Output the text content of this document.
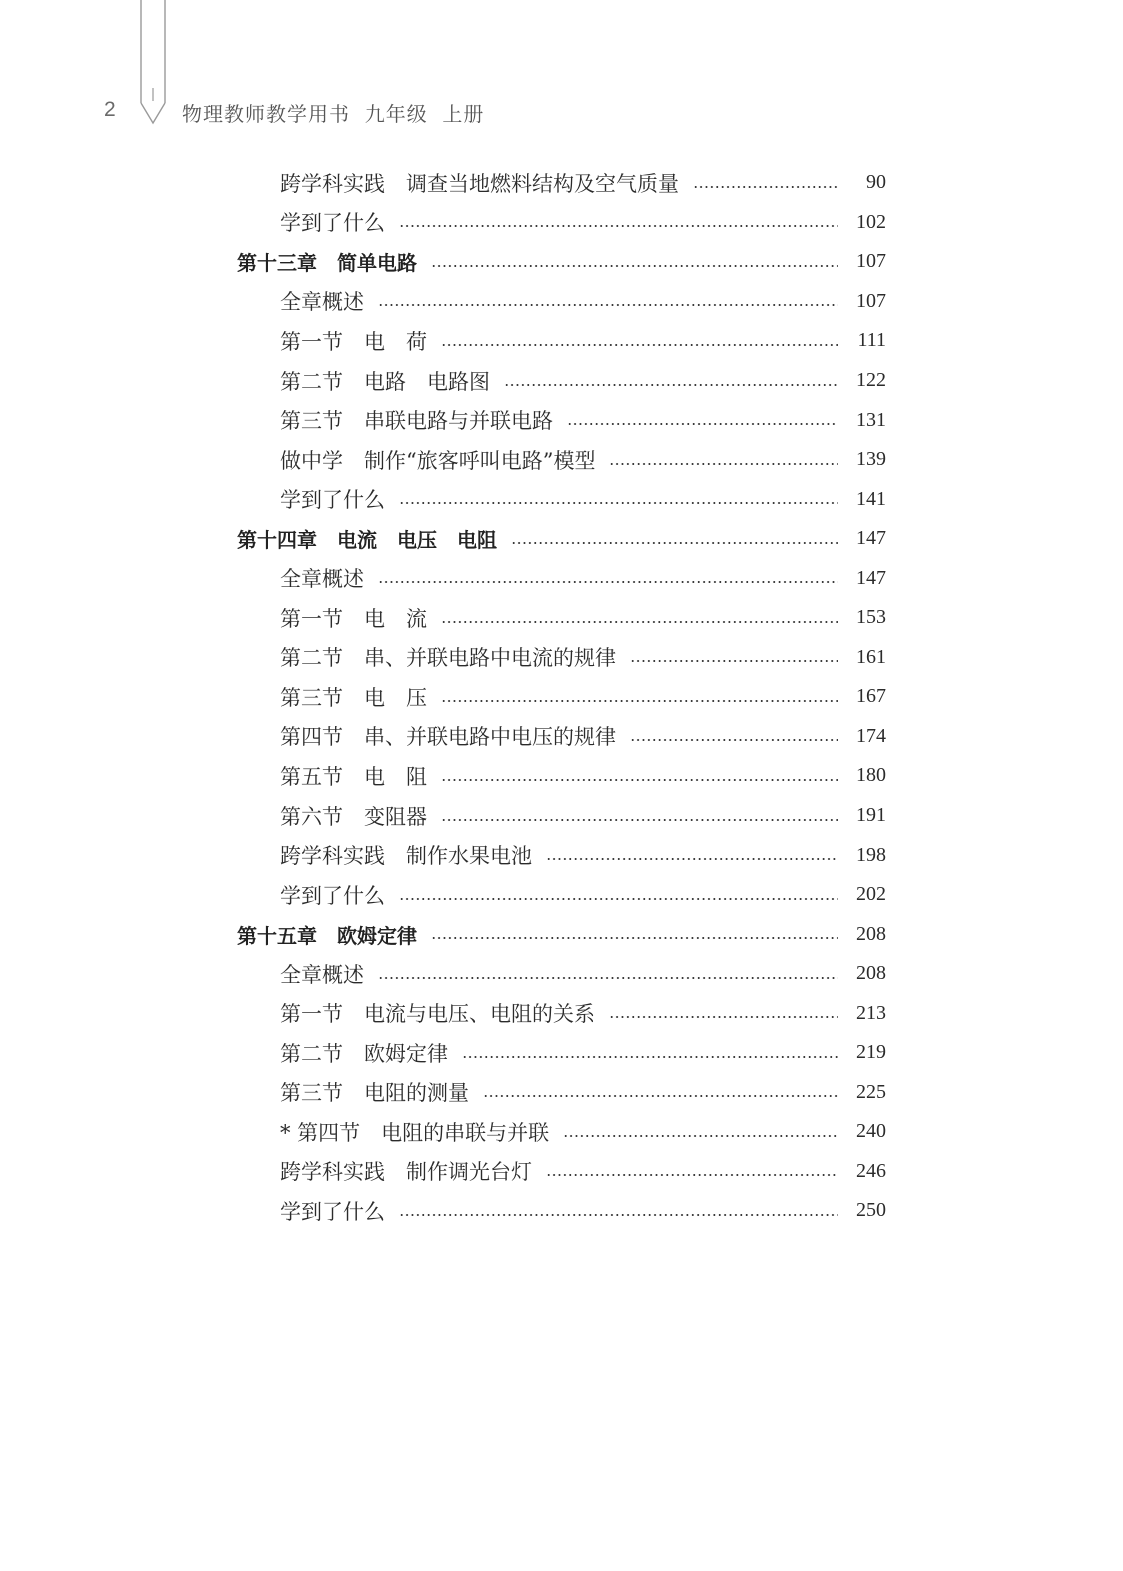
2	物理教师教学用书  九年级  上册
跨学科实践　调查当地燃料结构及空气质量	90
学到了什么	102
第十三章　简单电路	107
全章概述	107
第一节　电　荷	111
第二节　电路　电路图	122
第三节　串联电路与并联电路	131
做中学　制作“旅客呼叫电路”模型	139
学到了什么	141
第十四章　电流　电压　电阻	147
全章概述	147
第一节　电　流	153
第二节　串、并联电路中电流的规律	161
第三节　电　压	167
第四节　串、并联电路中电压的规律	174
第五节　电　阻	180
第六节　变阻器	191
跨学科实践　制作水果电池	198
学到了什么	202
第十五章　欧姆定律	208
全章概述	208
第一节　电流与电压、电阻的关系	213
第二节　欧姆定律	219
第三节　电阻的测量	225
* 第四节　电阻的串联与并联	240
跨学科实践　制作调光台灯	246
学到了什么	250
